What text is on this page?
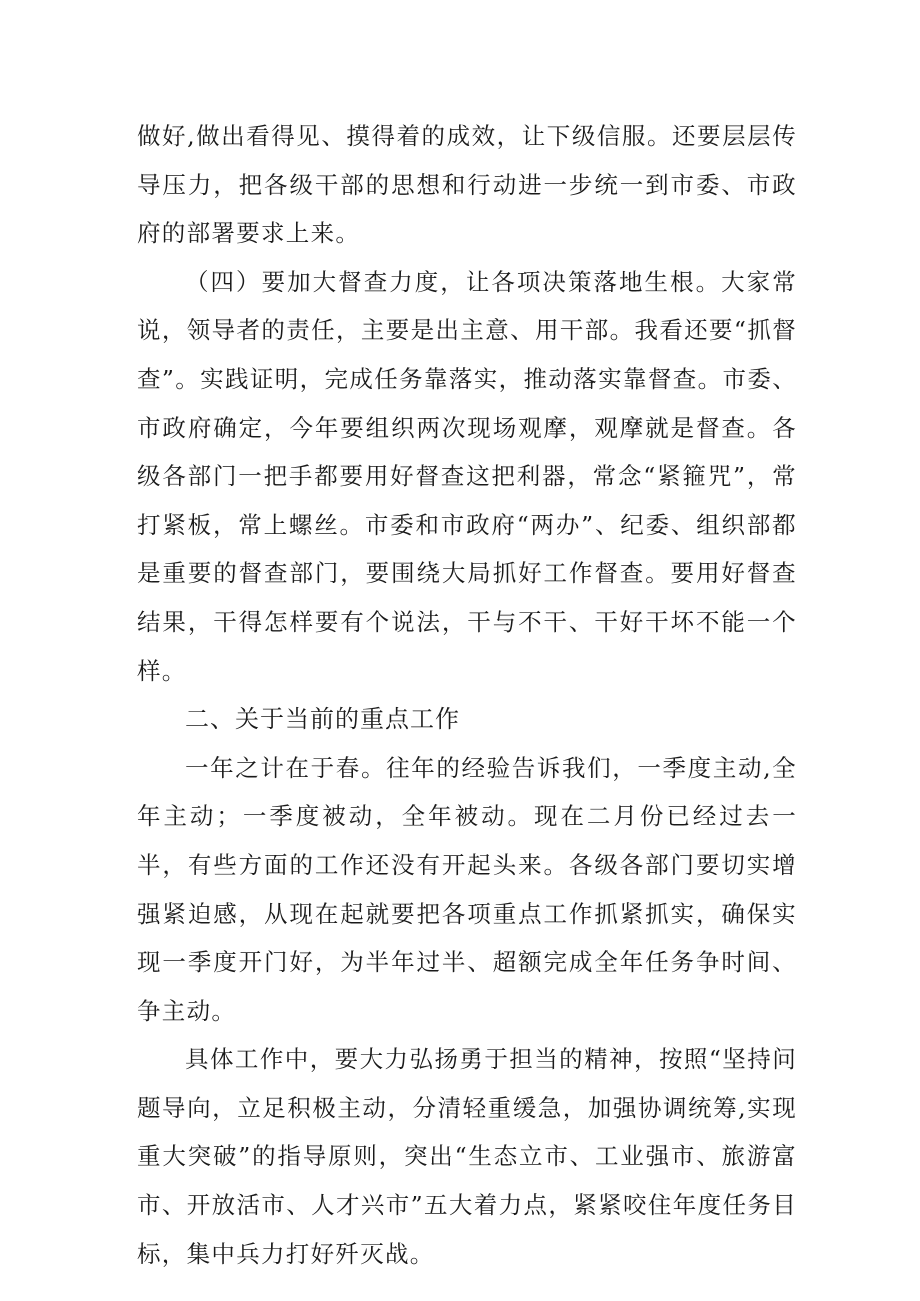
做好,做出看得见、摸得着的成效，让下级信服。还要层层传导压力，把各级干部的思想和行动进一步统一到市委、市政府的部署要求上来。

（四）要加大督查力度，让各项决策落地生根。大家常说，领导者的责任，主要是出主意、用干部。我看还要“抓督查”。实践证明，完成任务靠落实，推动落实靠督查。市委、市政府确定，今年要组织两次现场观摩，观摩就是督查。各级各部门一把手都要用好督查这把利器，常念“紧箍咒”，常打紧板，常上螺丝。市委和市政府“两办”、纪委、组织部都是重要的督查部门，要围绕大局抓好工作督查。要用好督查结果，干得怎样要有个说法，干与不干、干好干坏不能一个样。

二、关于当前的重点工作

一年之计在于春。往年的经验告诉我们，一季度主动,全年主动；一季度被动，全年被动。现在二月份已经过去一半，有些方面的工作还没有开起头来。各级各部门要切实增强紧迫感，从现在起就要把各项重点工作抓紧抓实，确保实现一季度开门好，为半年过半、超额完成全年任务争时间、争主动。

具体工作中，要大力弘扬勇于担当的精神，按照“坚持问题导向，立足积极主动，分清轻重缓急，加强协调统筹,实现重大突破”的指导原则，突出“生态立市、工业强市、旅游富市、开放活市、人才兴市”五大着力点，紧紧咬住年度任务目标，集中兵力打好歼灭战。
